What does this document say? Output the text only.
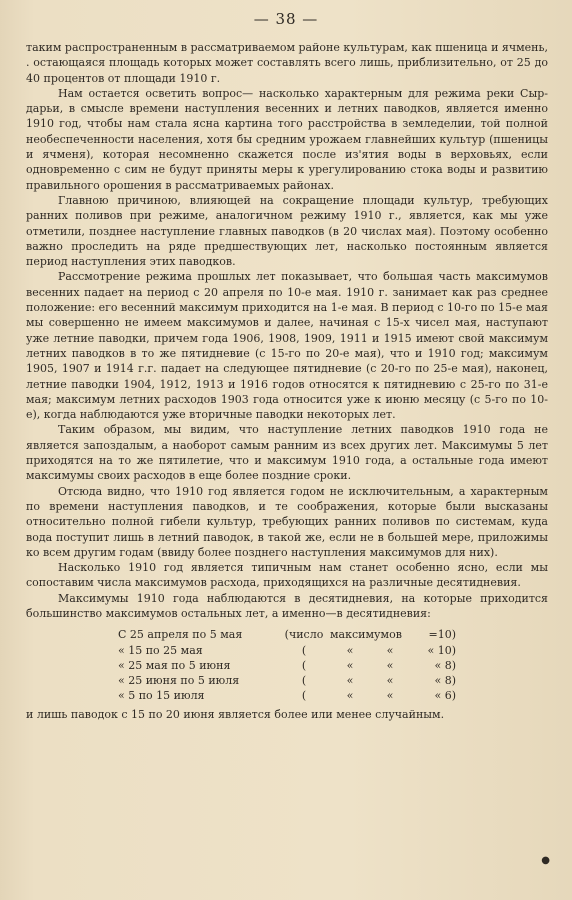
— 38 —

таким распространенным в рассматриваемом районе культурам, как пшеница и ячмень, . остающаяся площадь которых может составлять всего лишь, приблизительно, от 25 до 40 процентов от площади 1910 г.

Нам остается осветить вопрос— насколько характерным для режима реки Сыр-дарьи, в смысле времени наступления весенних и летних паводков, является именно 1910 год, чтобы нам стала ясна картина того расстройства в земледелии, той полной необеспеченности населения, хотя бы средним урожаем главнейших культур (пшеницы и ячменя), которая несомненно скажется после из'ятия воды в верховьях, если одновременно с сим не будут приняты меры к урегулированию стока воды и развитию правильного орошения в рассматриваемых районах.

Главною причиною, влияющей на сокращение площади культур, требующих ранних поливов при режиме, аналогичном режиму 1910 г., является, как мы уже отметили, позднее наступление главных паводков (в 20 числах мая). Поэтому особенно важно проследить на ряде предшествующих лет, насколько постоянным является период наступления этих паводков.

Рассмотрение режима прошлых лет показывает, что большая часть максимумов весенних падает на период с 20 апреля по 10-е мая. 1910 г. занимает как раз среднее положение: его весенний максимум приходится на 1-е мая. В период с 10-го по 15-е мая мы совершенно не имеем максимумов и далее, начиная с 15-х чисел мая, наступают уже летние паводки, причем года 1906, 1908, 1909, 1911 и 1915 имеют свой максимум летних паводков в то же пятидневие (с 15-го по 20-е мая), что и 1910 год; максимум 1905, 1907 и 1914 г.г. падает на следующее пятидневие (с 20-го по 25-е мая), наконец, летние паводки 1904, 1912, 1913 и 1916 годов относятся к пятидневию с 25-го по 31-е мая; максимум летних расходов 1903 года относится уже к июню месяцу (с 5-го по 10-е), когда наблюдаются уже вторичные паводки некоторых лет.

Таким образом, мы видим, что наступление летних паводков 1910 года не является запоздалым, а наоборот самым ранним из всех других лет. Максимумы 5 лет приходятся на то же пятилетие, что и максимум 1910 года, а остальные года имеют максимумы своих расходов в еще более поздние сроки.

Отсюда видно, что 1910 год является годом не исключительным, а характерным по времени наступления паводков, и те соображения, которые были высказаны относительно полной гибели культур, требующих ранних поливов по системам, куда вода поступит лишь в летний паводок, в такой же, если не в большей мере, приложимы ко всем другим годам (ввиду более позднего наступления максимумов для них).

Насколько 1910 год является типичным нам станет особенно ясно, если мы сопоставим числа максимумов расхода, приходящихся на различные десятидневия.

Максимумы 1910 года наблюдаются в десятидневия, на которые приходится большинство максимумов остальных лет, а именно—в десятидневия:

С 25 апреля по 5 мая	(число максимумов	=10)
« 15 по 25 мая	(	«	«	« 10)
« 25 мая по 5 июня	(	«	«	« 8)
« 25 июня по 5 июля	(	«	«	« 8)
« 5 по 15 июля	(	«	«	« 6)

и лишь паводок с 15 по 20 июня является более или менее случайным.

●
